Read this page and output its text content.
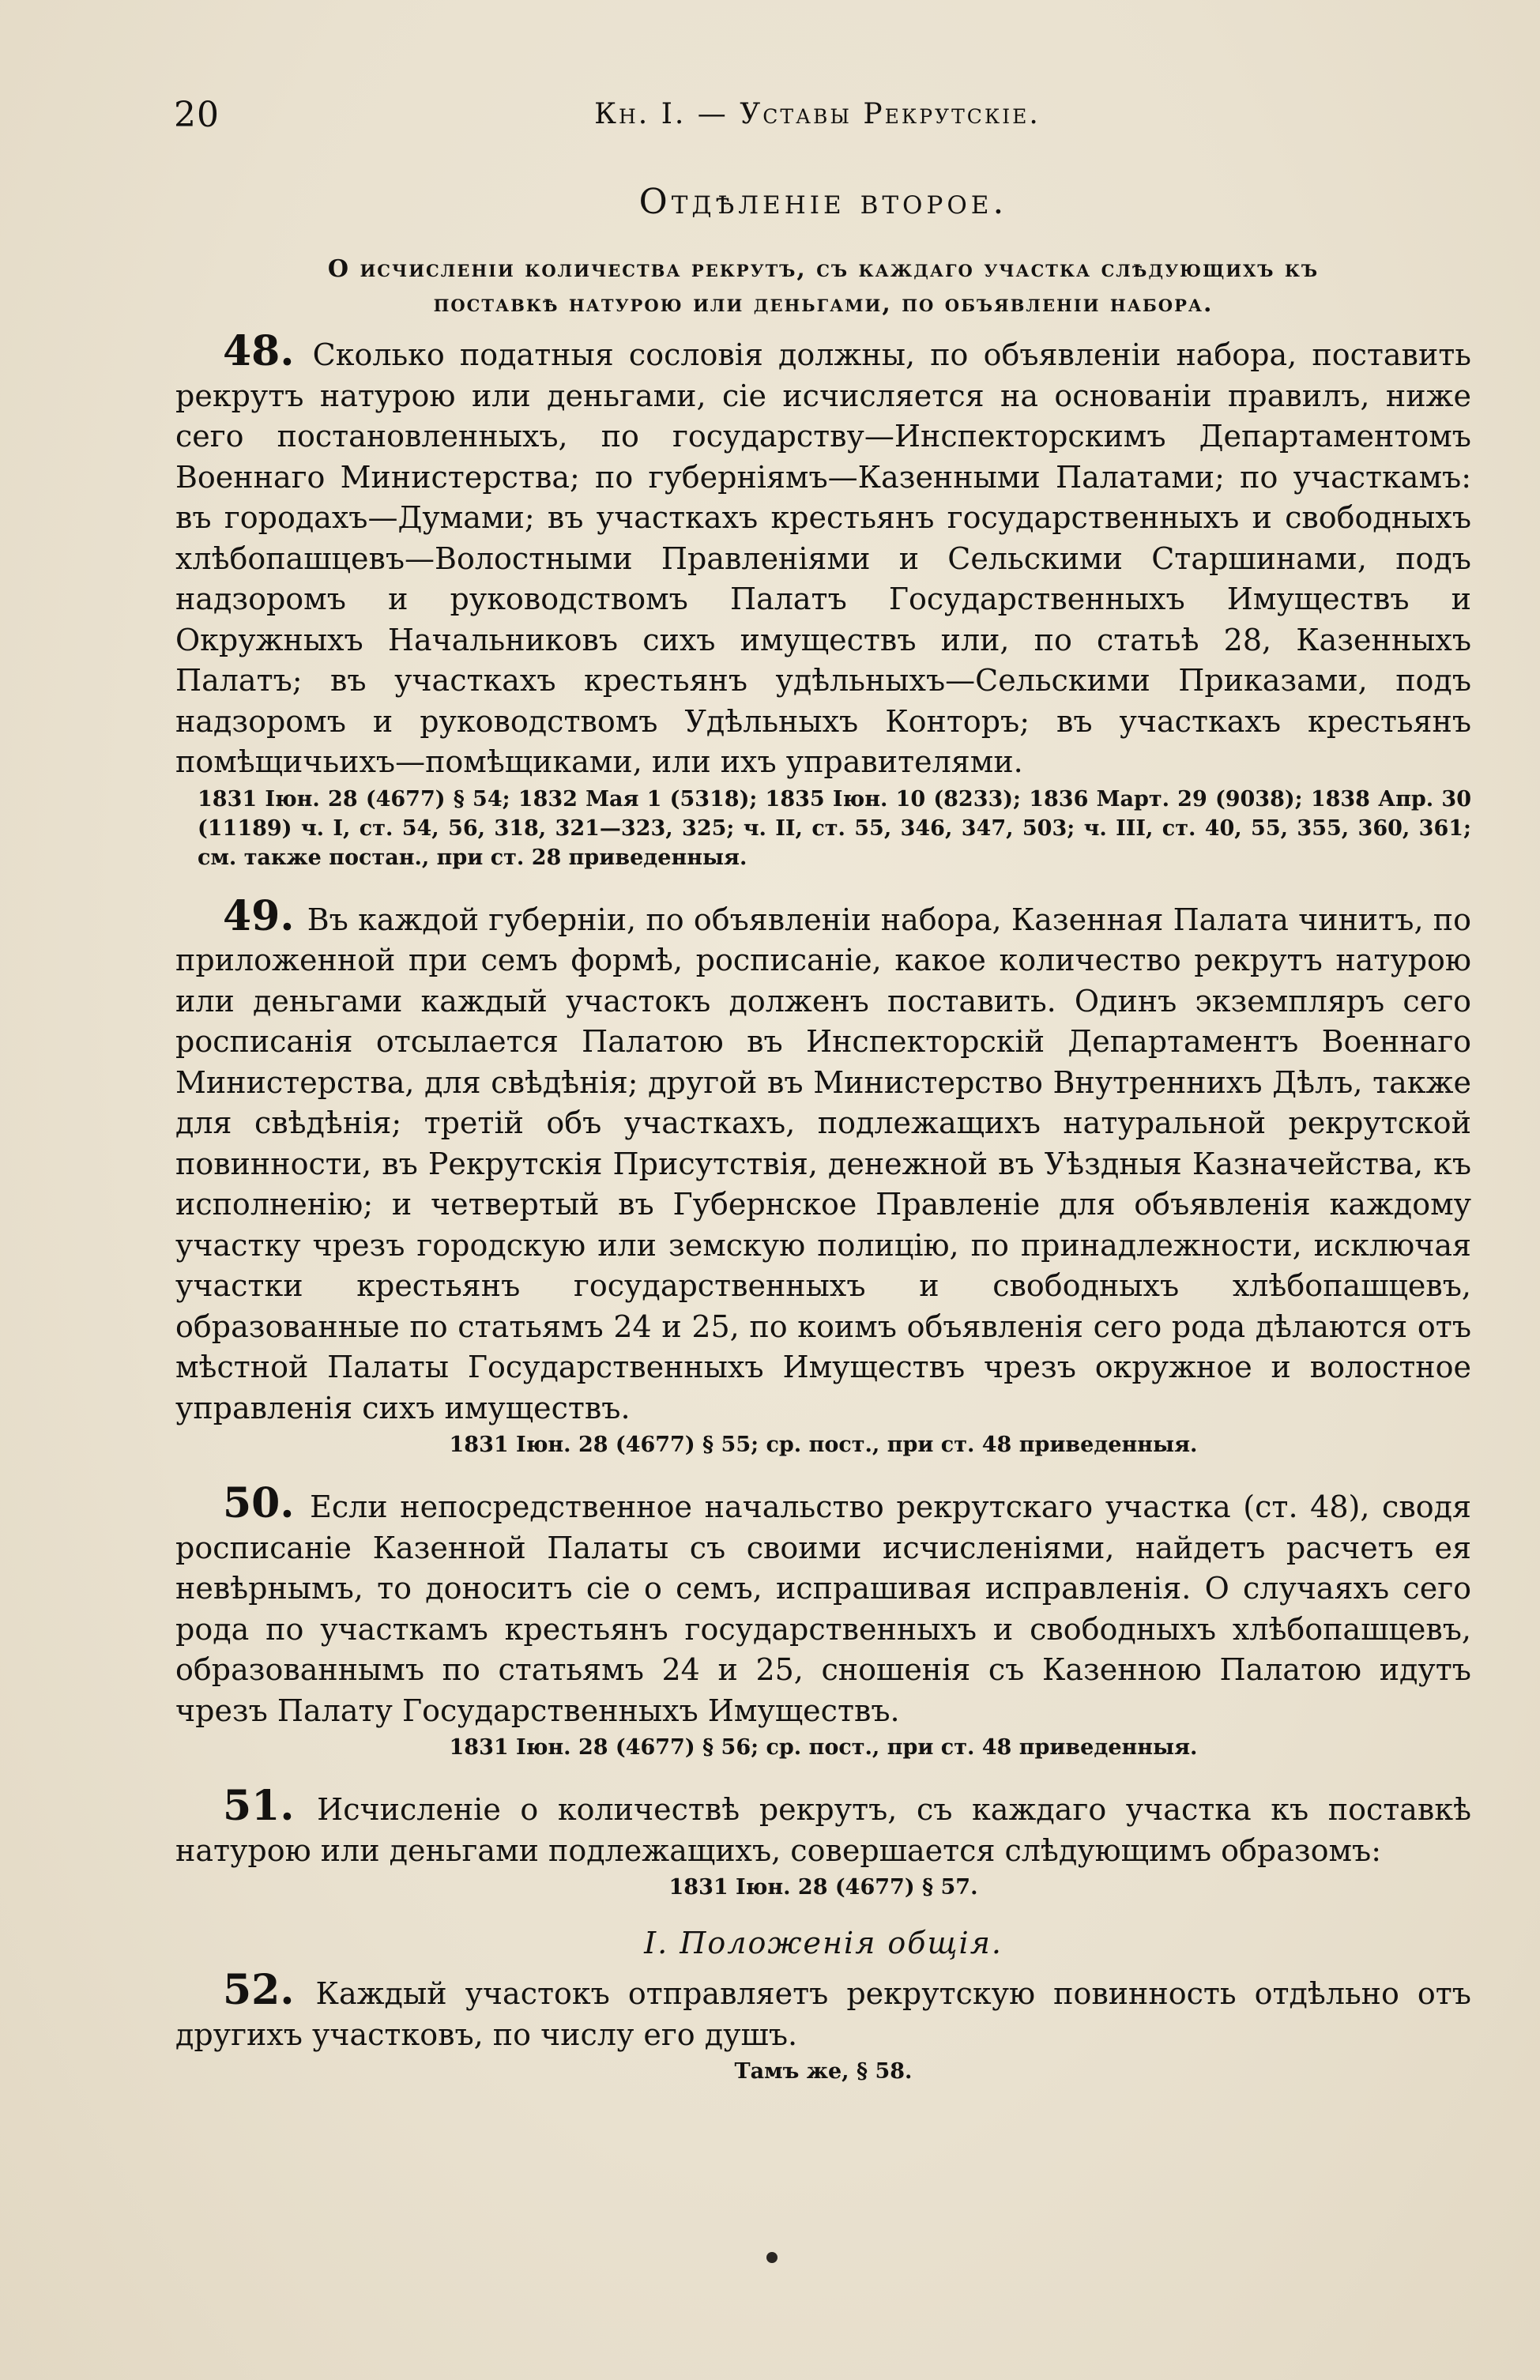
20	Кн. I. — Уставы Рекрутскіе.
Отдѣленіе второе.
О исчисленіи количества рекрутъ, съ каждаго участка слѣдующихъ къ
поставкѣ натурою или деньгами, по объявленіи набора.

48. Сколько податныя сословія должны, по объявленіи набора, поставить рекрутъ натурою или деньгами, сіе исчисляется на основаніи правилъ, ниже сего постановленныхъ, по государству—Инспекторскимъ Департаментомъ Военнаго Министерства; по губерніямъ—Казенными Палатами; по участкамъ: въ городахъ—Думами; въ участкахъ крестьянъ государственныхъ и свободныхъ хлѣбопашцевъ—Волостными Правленіями и Сельскими Старшинами, подъ надзоромъ и руководствомъ Палатъ Государственныхъ Имуществъ и Окружныхъ Начальниковъ сихъ имуществъ или, по статьѣ 28, Казенныхъ Палатъ; въ участкахъ крестьянъ удѣльныхъ—Сельскими Приказами, подъ надзоромъ и руководствомъ Удѣльныхъ Конторъ; въ участкахъ крестьянъ помѣщичьихъ—помѣщиками, или ихъ управителями.

1831 Іюн. 28 (4677) § 54; 1832 Мая 1 (5318); 1835 Іюн. 10 (8233); 1836 Март. 29 (9038); 1838 Апр. 30 (11189) ч. I, ст. 54, 56, 318, 321—323, 325; ч. II, ст. 55, 346, 347, 503; ч. III, ст. 40, 55, 355, 360, 361; см. также постан., при ст. 28 приведенныя.

49. Въ каждой губерніи, по объявленіи набора, Казенная Палата чинитъ, по приложенной при семъ формѣ, росписаніе, какое количество рекрутъ натурою или деньгами каждый участокъ долженъ поставить. Одинъ экземпляръ сего росписанія отсылается Палатою въ Инспекторскій Департаментъ Военнаго Министерства, для свѣдѣнія; другой въ Министерство Внутреннихъ Дѣлъ, также для свѣдѣнія; третій объ участкахъ, подлежащихъ натуральной рекрутской повинности, въ Рекрутскія Присутствія, денежной въ Уѣздныя Казначейства, къ исполненію; и четвертый въ Губернское Правленіе для объявленія каждому участку чрезъ городскую или земскую полицію, по принадлежности, исключая участки крестьянъ государственныхъ и свободныхъ хлѣбопашцевъ, образованные по статьямъ 24 и 25, по коимъ объявленія сего рода дѣлаются отъ мѣстной Палаты Государственныхъ Имуществъ чрезъ окружное и волостное управленія сихъ имуществъ.

1831 Іюн. 28 (4677) § 55; ср. пост., при ст. 48 приведенныя.

50. Если непосредственное начальство рекрутскаго участка (ст. 48), сводя росписаніе Казенной Палаты съ своими исчисленіями, найдетъ расчетъ ея невѣрнымъ, то доноситъ сіе о семъ, испрашивая исправленія. О случаяхъ сего рода по участкамъ крестьянъ государственныхъ и свободныхъ хлѣбопашцевъ, образованнымъ по статьямъ 24 и 25, сношенія съ Казенною Палатою идутъ чрезъ Палату Государственныхъ Имуществъ.

1831 Іюн. 28 (4677) § 56; ср. пост., при ст. 48 приведенныя.

51. Исчисленіе о количествѣ рекрутъ, съ каждаго участка къ поставкѣ натурою или деньгами подлежащихъ, совершается слѣдующимъ образомъ:

1831 Іюн. 28 (4677) § 57.
I. Положенія общія.

52. Каждый участокъ отправляетъ рекрутскую повинность отдѣльно отъ другихъ участковъ, по числу его душъ.

Тамъ же, § 58.
